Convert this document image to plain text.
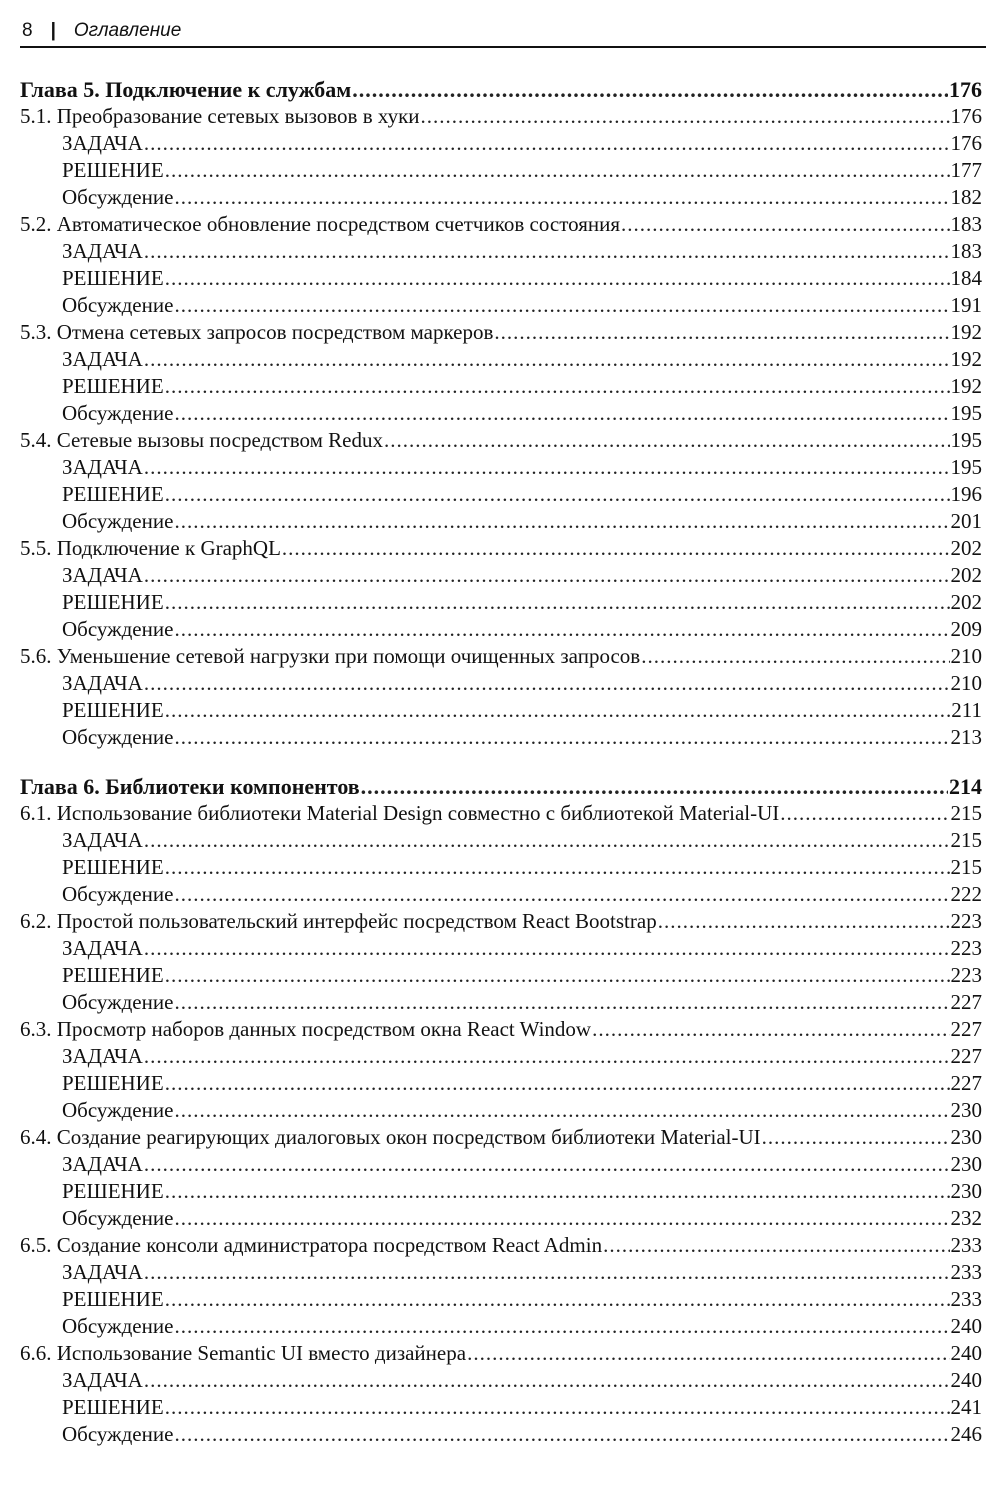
8 | Оглавление
Глава 5. Подключение к службам .....	176
5.1. Преобразование сетевых вызовов в хуки .....	176
ЗАДАЧА .....	176
РЕШЕНИЕ .....	177
Обсуждение .....	182
5.2. Автоматическое обновление посредством счетчиков состояния .....	183
ЗАДАЧА .....	183
РЕШЕНИЕ .....	184
Обсуждение .....	191
5.3. Отмена сетевых запросов посредством маркеров .....	192
ЗАДАЧА .....	192
РЕШЕНИЕ .....	192
Обсуждение .....	195
5.4. Сетевые вызовы посредством Redux .....	195
ЗАДАЧА .....	195
РЕШЕНИЕ .....	196
Обсуждение .....	201
5.5. Подключение к GraphQL .....	202
ЗАДАЧА .....	202
РЕШЕНИЕ .....	202
Обсуждение .....	209
5.6. Уменьшение сетевой нагрузки при помощи очищенных запросов .....	210
ЗАДАЧА .....	210
РЕШЕНИЕ .....	211
Обсуждение .....	213
Глава 6. Библиотеки компонентов .....	214
6.1. Использование библиотеки Material Design совместно с библиотекой Material-UI .....	215
ЗАДАЧА .....	215
РЕШЕНИЕ .....	215
Обсуждение .....	222
6.2. Простой пользовательский интерфейс посредством React Bootstrap .....	223
ЗАДАЧА .....	223
РЕШЕНИЕ .....	223
Обсуждение .....	227
6.3. Просмотр наборов данных посредством окна React Window .....	227
ЗАДАЧА .....	227
РЕШЕНИЕ .....	227
Обсуждение .....	230
6.4. Создание реагирующих диалоговых окон посредством библиотеки Material-UI .....	230
ЗАДАЧА .....	230
РЕШЕНИЕ .....	230
Обсуждение .....	232
6.5. Создание консоли администратора посредством React Admin .....	233
ЗАДАЧА .....	233
РЕШЕНИЕ .....	233
Обсуждение .....	240
6.6. Использование Semantic UI вместо дизайнера .....	240
ЗАДАЧА .....	240
РЕШЕНИЕ .....	241
Обсуждение .....	246
